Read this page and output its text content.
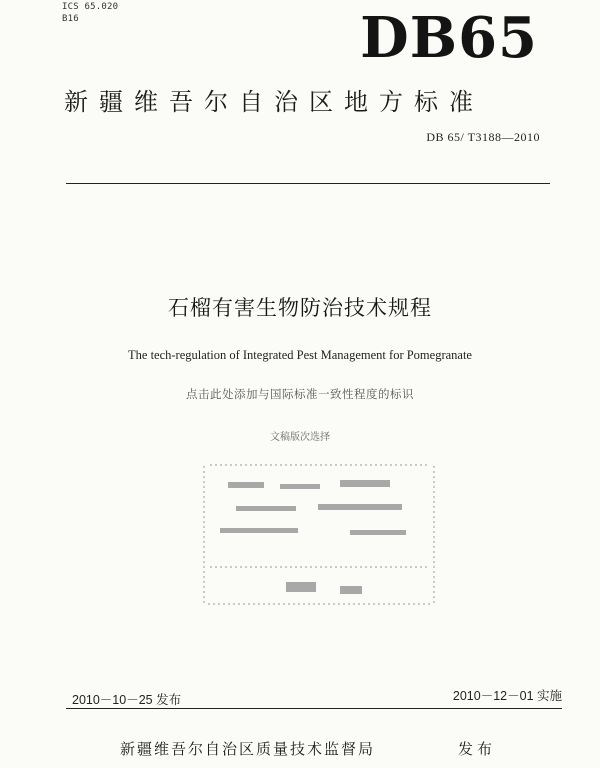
ICS 65.020
B16	DB65
新疆维吾尔自治区地方标准
DB 65/ T3188—2010
石榴有害生物防治技术规程
The tech-regulation of Integrated Pest Management for Pomegranate
点击此处添加与国际标准一致性程度的标识
文稿版次选择
2010－10－25 发布	2010－12－01 实施
新疆维吾尔自治区质量技术监督局	发布
